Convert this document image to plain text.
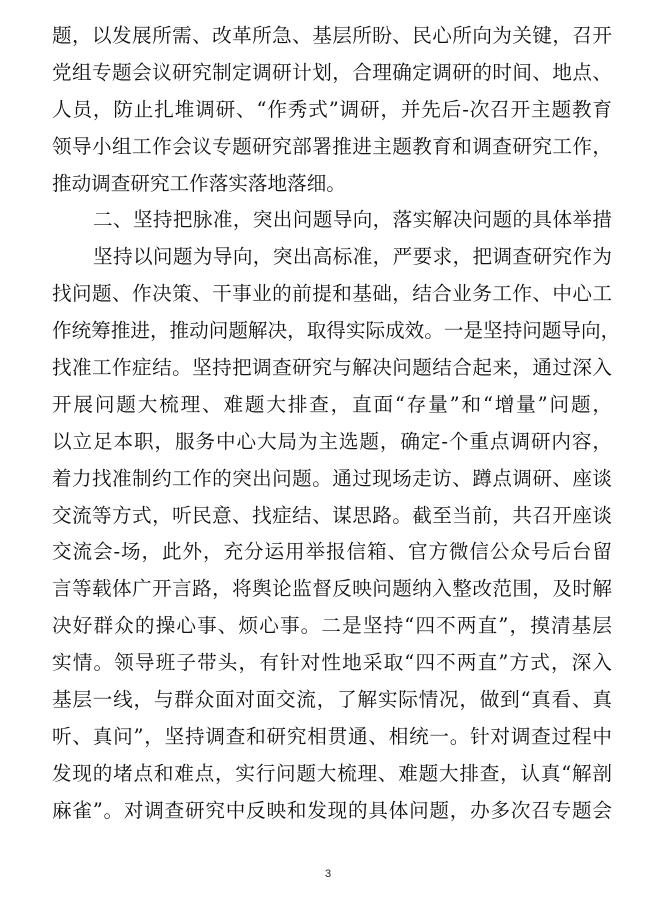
题，以发展所需、改革所急、基层所盼、民心所向为关键，召开
党组专题会议研究制定调研计划，合理确定调研的时间、地点、
人员，防止扎堆调研、“作秀式”调研，并先后-次召开主题教育
领导小组工作会议专题研究部署推进主题教育和调查研究工作，
推动调查研究工作落实落地落细。
二、坚持把脉准，突出问题导向，落实解决问题的具体举措
坚持以问题为导向，突出高标准，严要求，把调查研究作为
找问题、作决策、干事业的前提和基础，结合业务工作、中心工
作统筹推进，推动问题解决，取得实际成效。一是坚持问题导向，
找准工作症结。坚持把调查研究与解决问题结合起来，通过深入
开展问题大梳理、难题大排查，直面“存量”和“增量”问题，
以立足本职，服务中心大局为主选题，确定-个重点调研内容，
着力找准制约工作的突出问题。通过现场走访、蹲点调研、座谈
交流等方式，听民意、找症结、谋思路。截至当前，共召开座谈
交流会-场，此外，充分运用举报信箱、官方微信公众号后台留
言等载体广开言路，将舆论监督反映问题纳入整改范围，及时解
决好群众的操心事、烦心事。二是坚持“四不两直”，摸清基层
实情。领导班子带头，有针对性地采取“四不两直”方式，深入
基层一线，与群众面对面交流，了解实际情况，做到“真看、真
听、真问”，坚持调查和研究相贯通、相统一。针对调查过程中
发现的堵点和难点，实行问题大梳理、难题大排查，认真“解剖
麻雀”。对调查研究中反映和发现的具体问题，办多次召专题会
3
